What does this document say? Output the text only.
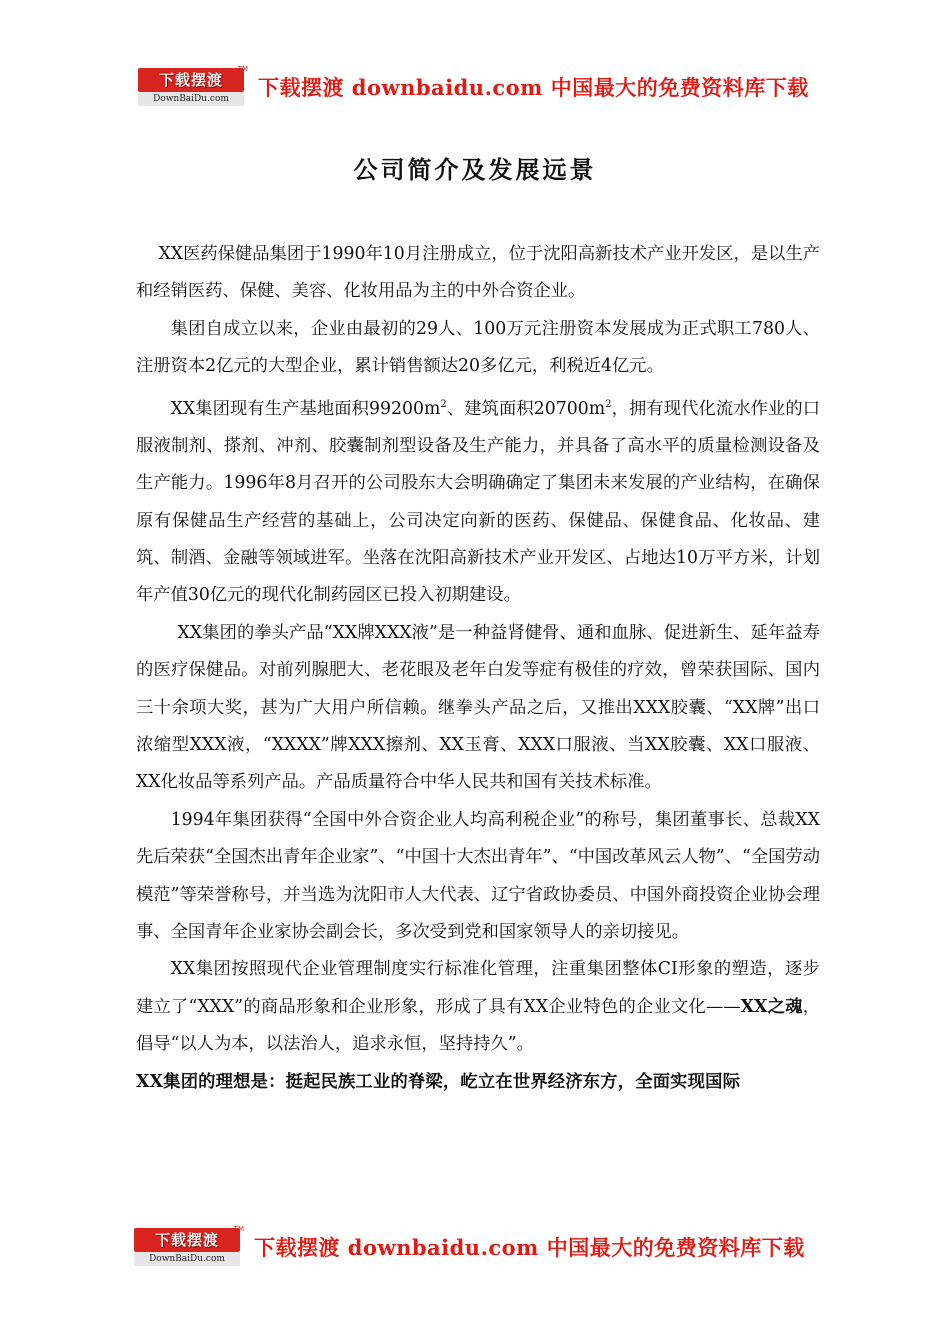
下载摆渡
TM
DownBaiDu.com	下载摆渡 downbaidu.com 中国最大的免费资料库下载
公司简介及发展远景

XX医药保健品集团于1990年10月注册成立，位于沈阳高新技术产业开发区，是以生产和经销医药、保健、美容、化妆用品为主的中外合资企业。

集团自成立以来，企业由最初的29人、100万元注册资本发展成为正式职工780人、注册资本2亿元的大型企业，累计销售额达20多亿元，利税近4亿元。

XX集团现有生产基地面积$99200m^2$、建筑面积$20700m^2$，拥有现代化流水作业的口服液制剂、搽剂、冲剂、胶囊制剂型设备及生产能力，并具备了高水平的质量检测设备及生产能力。1996年8月召开的公司股东大会明确确定了集团未来发展的产业结构，在确保原有保健品生产经营的基础上，公司决定向新的医药、保健品、保健食品、化妆品、建筑、制酒、金融等领域进军。坐落在沈阳高新技术产业开发区、占地达10万平方米，计划年产值30亿元的现代化制药园区已投入初期建设。

XX集团的拳头产品“XX牌XXX液”是一种益肾健骨、通和血脉、促进新生、延年益寿的医疗保健品。对前列腺肥大、老花眼及老年白发等症有极佳的疗效，曾荣获国际、国内三十余项大奖，甚为广大用户所信赖。继拳头产品之后，又推出XXX胶囊、“XX牌”出口浓缩型XXX液，“XXXX”牌XXX擦剂、XX玉膏、XXX口服液、当XX胶囊、XX口服液、XX化妆品等系列产品。产品质量符合中华人民共和国有关技术标准。

1994年集团获得“全国中外合资企业人均高利税企业”的称号，集团董事长、总裁XX先后荣获“全国杰出青年企业家”、“中国十大杰出青年”、“中国改革风云人物”、“全国劳动模范”等荣誉称号，并当选为沈阳市人大代表、辽宁省政协委员、中国外商投资企业协会理事、全国青年企业家协会副会长，多次受到党和国家领导人的亲切接见。

XX集团按照现代企业管理制度实行标准化管理，注重集团整体CI形象的塑造，逐步建立了“XXX”的商品形象和企业形象，形成了具有XX企业特色的企业文化——XX之魂，倡导“以人为本，以法治人，追求永恒，坚持持久”。

XX集团的理想是：挺起民族工业的脊梁，屹立在世界经济东方，全面实现国际

下载摆渡
TM
DownBaiDu.com	下载摆渡 downbaidu.com 中国最大的免费资料库下载
